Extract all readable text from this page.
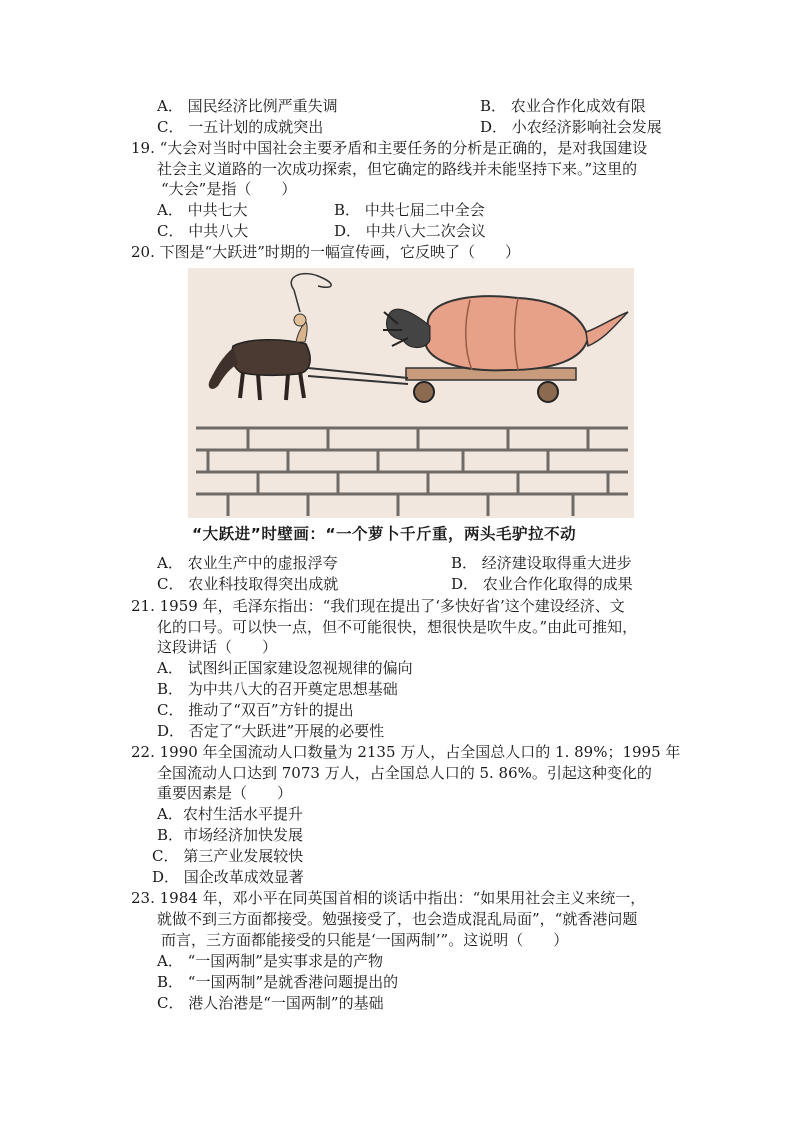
A． 国民经济比例严重失调	B． 农业合作化成效有限
C． 一五计划的成就突出	D． 小农经济影响社会发展
19. “大会对当时中国社会主要矛盾和主要任务的分析是正确的，是对我国建设
社会主义道路的一次成功探索，但它确定的路线并未能坚持下来。”这里的
“大会”是指（　　）
A． 中共七大	B． 中共七届二中全会
C． 中共八大	D． 中共八大二次会议
20. 下图是“大跃进”时期的一幅宣传画，它反映了（　　）
“大跃进”时壁画：“一个萝卜千斤重，两头毛驴拉不动
A． 农业生产中的虚报浮夸	B． 经济建设取得重大进步
C． 农业科技取得突出成就	D． 农业合作化取得的成果
21. 1959 年，毛泽东指出：“我们现在提出了‘多快好省’这个建设经济、文
化的口号。可以快一点，但不可能很快，想很快是吹牛皮。”由此可推知，
这段讲话（　　）
A． 试图纠正国家建设忽视规律的偏向
B． 为中共八大的召开奠定思想基础
C． 推动了“双百”方针的提出
D． 否定了“大跃进”开展的必要性
22. 1990 年全国流动人口数量为 2135 万人，占全国总人口的 1. 89%；1995 年
全国流动人口达到 7073 万人，占全国总人口的 5. 86%。引起这种变化的
重要因素是（　　）
A．农村生活水平提升
B．市场经济加快发展
C． 第三产业发展较快
D． 国企改革成效显著
23. 1984 年，邓小平在同英国首相的谈话中指出：“如果用社会主义来统一，
就做不到三方面都接受。勉强接受了，也会造成混乱局面”，“就香港问题
而言，三方面都能接受的只能是‘一国两制’”。这说明（　　）
A． “一国两制”是实事求是的产物
B． “一国两制”是就香港问题提出的
C． 港人治港是“一国两制”的基础
